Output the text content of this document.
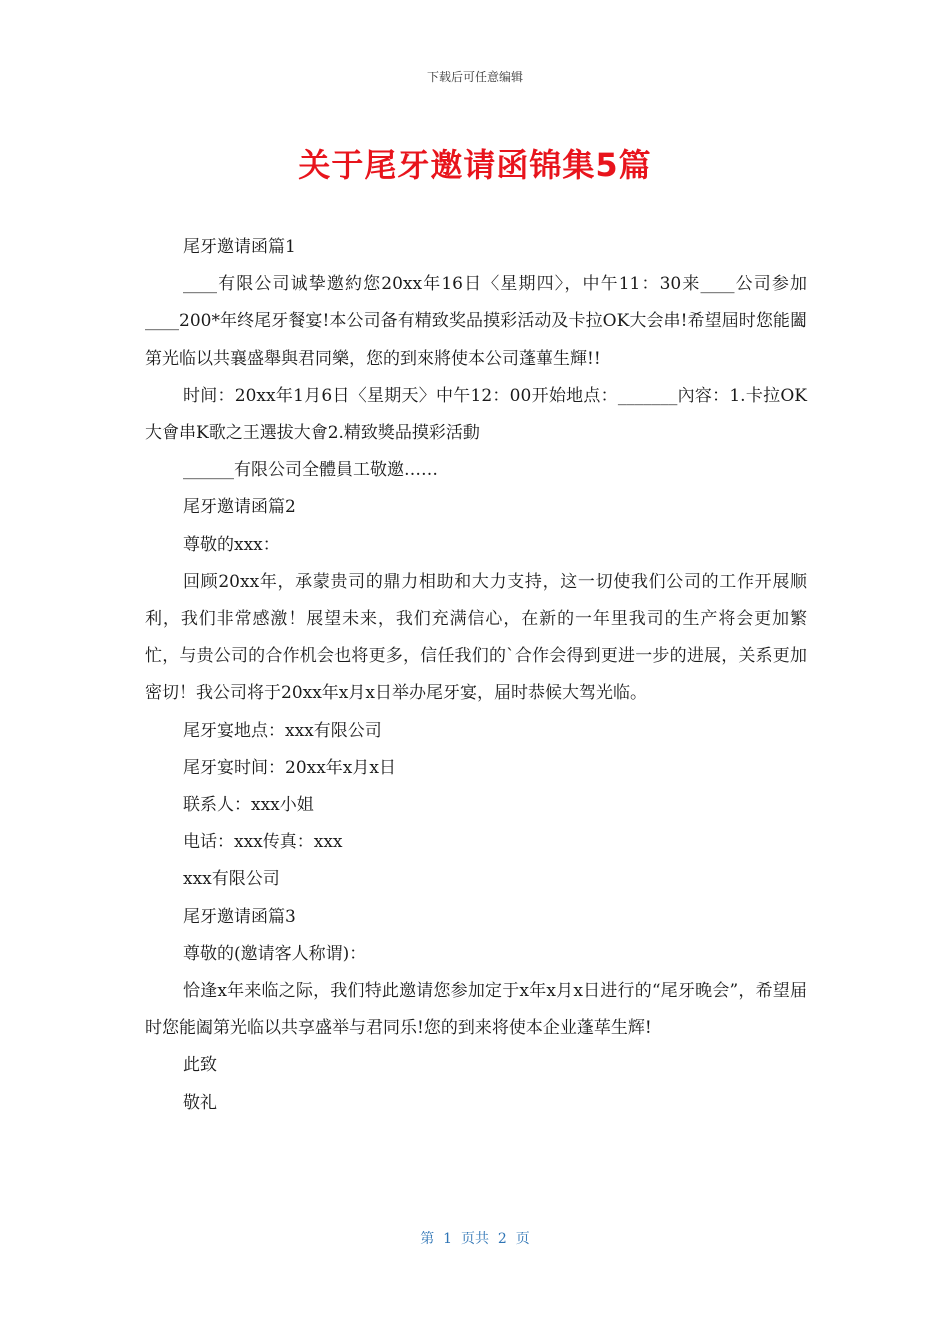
下载后可任意编辑
关于尾牙邀请函锦集5篇

尾牙邀请函篇1

____有限公司诚挚邀約您20xx年16日〈星期四〉，中午11：30来____公司参加____200*年终尾牙餐宴!本公司备有精致奖品摸彩活动及卡拉OK大会串!希望屆时您能闔第光临以共襄盛舉與君同樂，您的到來將使本公司蓬蓽生輝!!

时间：20xx年1月6日〈星期天〉中午12：00开始地点：_______內容：1.卡拉OK大會串K歌之王選拔大會2.精致獎品摸彩活動

______有限公司全體員工敬邀……

尾牙邀请函篇2

尊敬的xxx：

回顾20xx年，承蒙贵司的鼎力相助和大力支持，这一切使我们公司的工作开展顺利，我们非常感激！展望未来，我们充满信心，在新的一年里我司的生产将会更加繁忙，与贵公司的合作机会也将更多，信任我们的`合作会得到更进一步的进展，关系更加密切！我公司将于20xx年x月x日举办尾牙宴，届时恭候大驾光临。

尾牙宴地点：xxx有限公司

尾牙宴时间：20xx年x月x日

联系人：xxx小姐

电话：xxx传真：xxx

xxx有限公司

尾牙邀请函篇3

尊敬的(邀请客人称谓)：

恰逢x年来临之际，我们特此邀请您参加定于x年x月x日进行的“尾牙晚会”，希望届时您能阖第光临以共享盛举与君同乐!您的到来将使本企业蓬荜生辉!

此致

敬礼

第  1  页共  2  页
